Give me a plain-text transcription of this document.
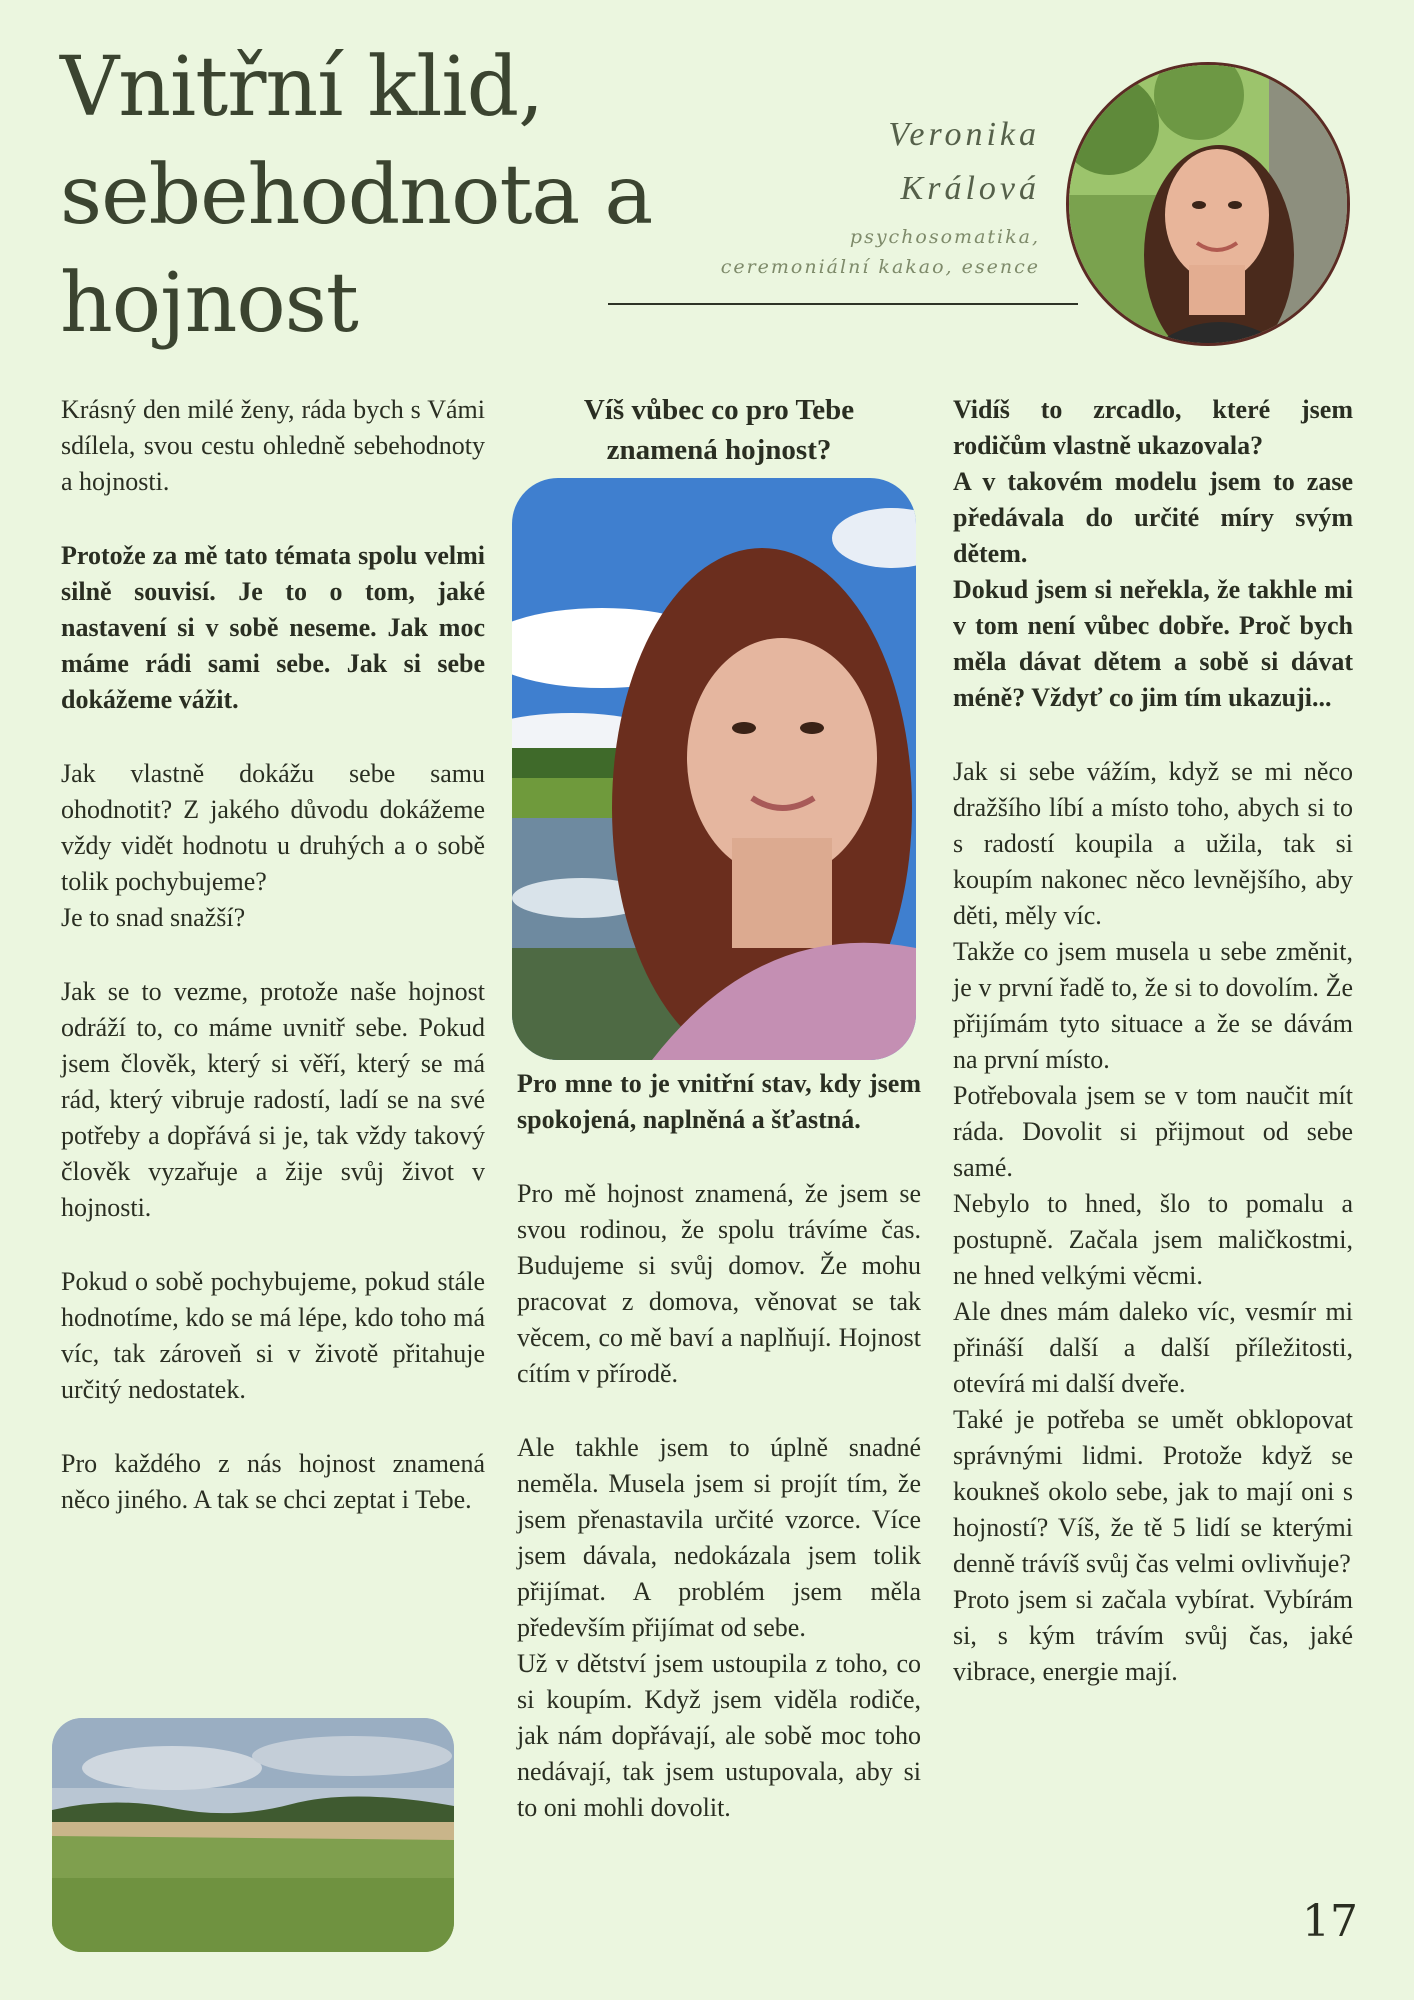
Vnitřní klid,
sebehodnota a
hojnost
Veronika
Králová
psychosomatika,
ceremoniální kakao, esence

Krásný den milé ženy, ráda bych s Vámi sdílela, svou cestu ohledně sebehodnoty a hojnosti.

Protože za mě tato témata spolu velmi silně souvisí. Je to o tom, jaké nastavení si v sobě neseme. Jak moc máme rádi sami sebe. Jak si sebe dokážeme vážit.

Jak vlastně dokážu sebe samu ohodnotit? Z jakého důvodu dokážeme vždy vidět hodnotu u druhých a o sobě tolik pochybujeme?

Je to snad snažší?

Jak se to vezme, protože naše hojnost odráží to, co máme uvnitř sebe. Pokud jsem člověk, který si věří, který se má rád, který vibruje radostí, ladí se na své potřeby a dopřává si je, tak vždy takový člověk vyzařuje a žije svůj život v hojnosti.

Pokud o sobě pochybujeme, pokud stále hodnotíme, kdo se má lépe, kdo toho má víc, tak zároveň si v životě přitahuje určitý nedostatek.

Pro každého z nás hojnost znamená něco jiného. A tak se chci zeptat i Tebe.

Víš vůbec co pro Tebe
znamená hojnost?

Pro mne to je vnitřní stav, kdy jsem spokojená, naplněná a šťastná.

Pro mě hojnost znamená, že jsem se svou rodinou, že spolu trávíme čas. Budujeme si svůj domov. Že mohu pracovat z domova, věnovat se tak věcem, co mě baví a naplňují. Hojnost cítím v přírodě.

Ale takhle jsem to úplně snadné neměla. Musela jsem si projít tím, že jsem přenastavila určité vzorce. Více jsem dávala, nedokázala jsem tolik přijímat. A problém jsem měla především přijímat od sebe.

Už v dětství jsem ustoupila z toho, co si koupím. Když jsem viděla rodiče, jak nám dopřávají, ale sobě moc toho nedávají, tak jsem ustupovala, aby si to oni mohli dovolit.

Vidíš to zrcadlo, které jsem rodičům vlastně ukazovala?

A v takovém modelu jsem to zase předávala do určité míry svým dětem.

Dokud jsem si neřekla, že takhle mi v tom není vůbec dobře. Proč bych měla dávat dětem a sobě si dávat méně? Vždyť co jim tím ukazuji...

Jak si sebe vážím, když se mi něco dražšího líbí a místo toho, abych si to s radostí koupila a užila, tak si koupím nakonec něco levnějšího, aby děti, měly víc.

Takže co jsem musela u sebe změnit, je v první řadě to, že si to dovolím. Že přijímám tyto situace a že se dávám na první místo.

Potřebovala jsem se v tom naučit mít ráda. Dovolit si přijmout od sebe samé.

Nebylo to hned, šlo to pomalu a postupně. Začala jsem maličkostmi, ne hned velkými věcmi.

Ale dnes mám daleko víc, vesmír mi přináší další a další příležitosti, otevírá mi další dveře.

Také je potřeba se umět obklopovat správnými lidmi. Protože když se koukneš okolo sebe, jak to mají oni s hojností? Víš, že tě 5 lidí se kterými denně trávíš svůj čas velmi ovlivňuje?

Proto jsem si začala vybírat. Vybírám si, s kým trávím svůj čas, jaké vibrace, energie mají.

17
